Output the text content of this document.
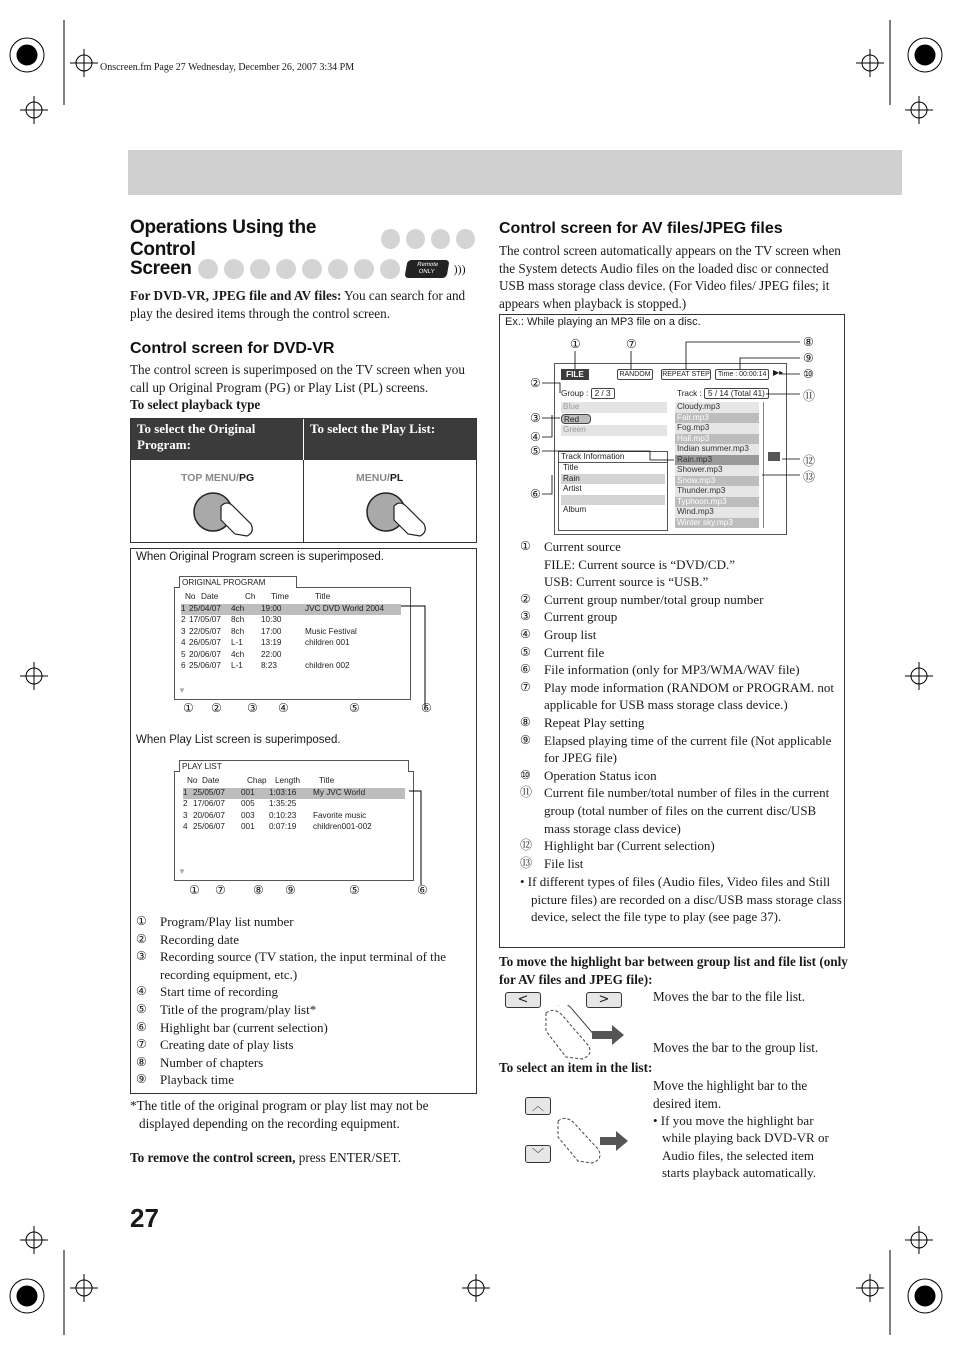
Onscreen.fm Page 27 Wednesday, December 26, 2007 3:34 PM
Operations Using the Control
Screen	Remote ONLY	)))
For DVD-VR, JPEG file and AV files: You can search for and play the desired items through the control screen.
Control screen for DVD-VR
The control screen is superimposed on the TV screen when you call up Original Program (PG) or Play List (PL) screens.
To select playback type
To select the Original Program:
To select the Play List:
TOP MENU/PG	MENU/PL
When Original Program screen is superimposed.
ORIGINAL PROGRAM
No Date	Ch Time	Title
1 25/04/07 4ch 19:00	JVC DVD World 2004
2 17/05/07 8ch 10:30
3 22/05/07 8ch 17:00	Music Festival
4 26/05/07 L-1 13:19	children 001
5 20/06/07 4ch 22:00
6 25/06/07 L-1 8:23	children 002
▼
① ② ③ ④	⑤	⑥
When Play List screen is superimposed.
PLAY LIST
No Date	Chap Length Title
1 25/05/07 001 1:03:16 My JVC World
2 17/06/07 005 1:35:25
3 20/06/07 003 0:10:23 Favorite music
4 25/06/07 001 0:07:19 children001-002
▼
① ⑦ ⑧ ⑨	⑤	⑥
①	Program/Play list number
②	Recording date
③	Recording source (TV station, the input terminal of the recording equipment, etc.)
④	Start time of recording
⑤	Title of the program/play list*
⑥	Highlight bar (current selection)
⑦	Creating date of play lists
⑧	Number of chapters
⑨	Playback time
*The title of the original program or play list may not be displayed depending on the recording equipment.
To remove the control screen, press ENTER/SET.
27
Control screen for AV files/JPEG files
The control screen automatically appears on the TV screen when the System detects Audio files on the loaded disc or connected USB mass storage class device. (For Video files/ JPEG files; it appears when playback is stopped.)
Ex.: While playing an MP3 file on a disc.
FILE	RANDOM	REPEAT STEP	Time : 00:00:14 ▶▸
Group : 2 / 3	Track : 5 / 14 (Total 41)
Blue
Red
Green
Track Information
Title
Rain
Artist
Album
Cloudy.mp3
Fair.mp3
Fog.mp3
Hail.mp3
Indian summer.mp3
Rain.mp3
Shower.mp3
Snow.mp3
Thunder.mp3
Typhoon.mp3
Wind.mp3
Winter sky.mp3
①	⑦	⑧
⑨
⑩
⑪
②
③
④
⑤
⑥
⑫
⑬
①	Current source
FILE: Current source is “DVD/CD.”
USB: Current source is “USB.”
②	Current group number/total group number
③	Current group
④	Group list
⑤	Current file
⑥	File information (only for MP3/WMA/WAV file)
⑦	Play mode information (RANDOM or PROGRAM. not applicable for USB mass storage class device.)
⑧	Repeat Play setting
⑨	Elapsed playing time of the current file (Not applicable for JPEG file)
⑩	Operation Status icon
⑪ Current file number/total number of files in the current group (total number of files on the current disc/USB mass storage class device)
⑫ Highlight bar (Current selection)
⑬ File list
• If different types of files (Audio files, Video files and Still picture files) are recorded on a disc/USB mass storage class device, select the file type to play (see page 37).
To move the highlight bar between group list and file list (only for AV files and JPEG file):
<	>	Moves the bar to the file list.
Moves the bar to the group list.
To select an item in the list:
︿
﹀
Move the highlight bar to the desired item.
• If you move the highlight bar while playing back DVD-VR or Audio files, the selected item starts playback automatically.
